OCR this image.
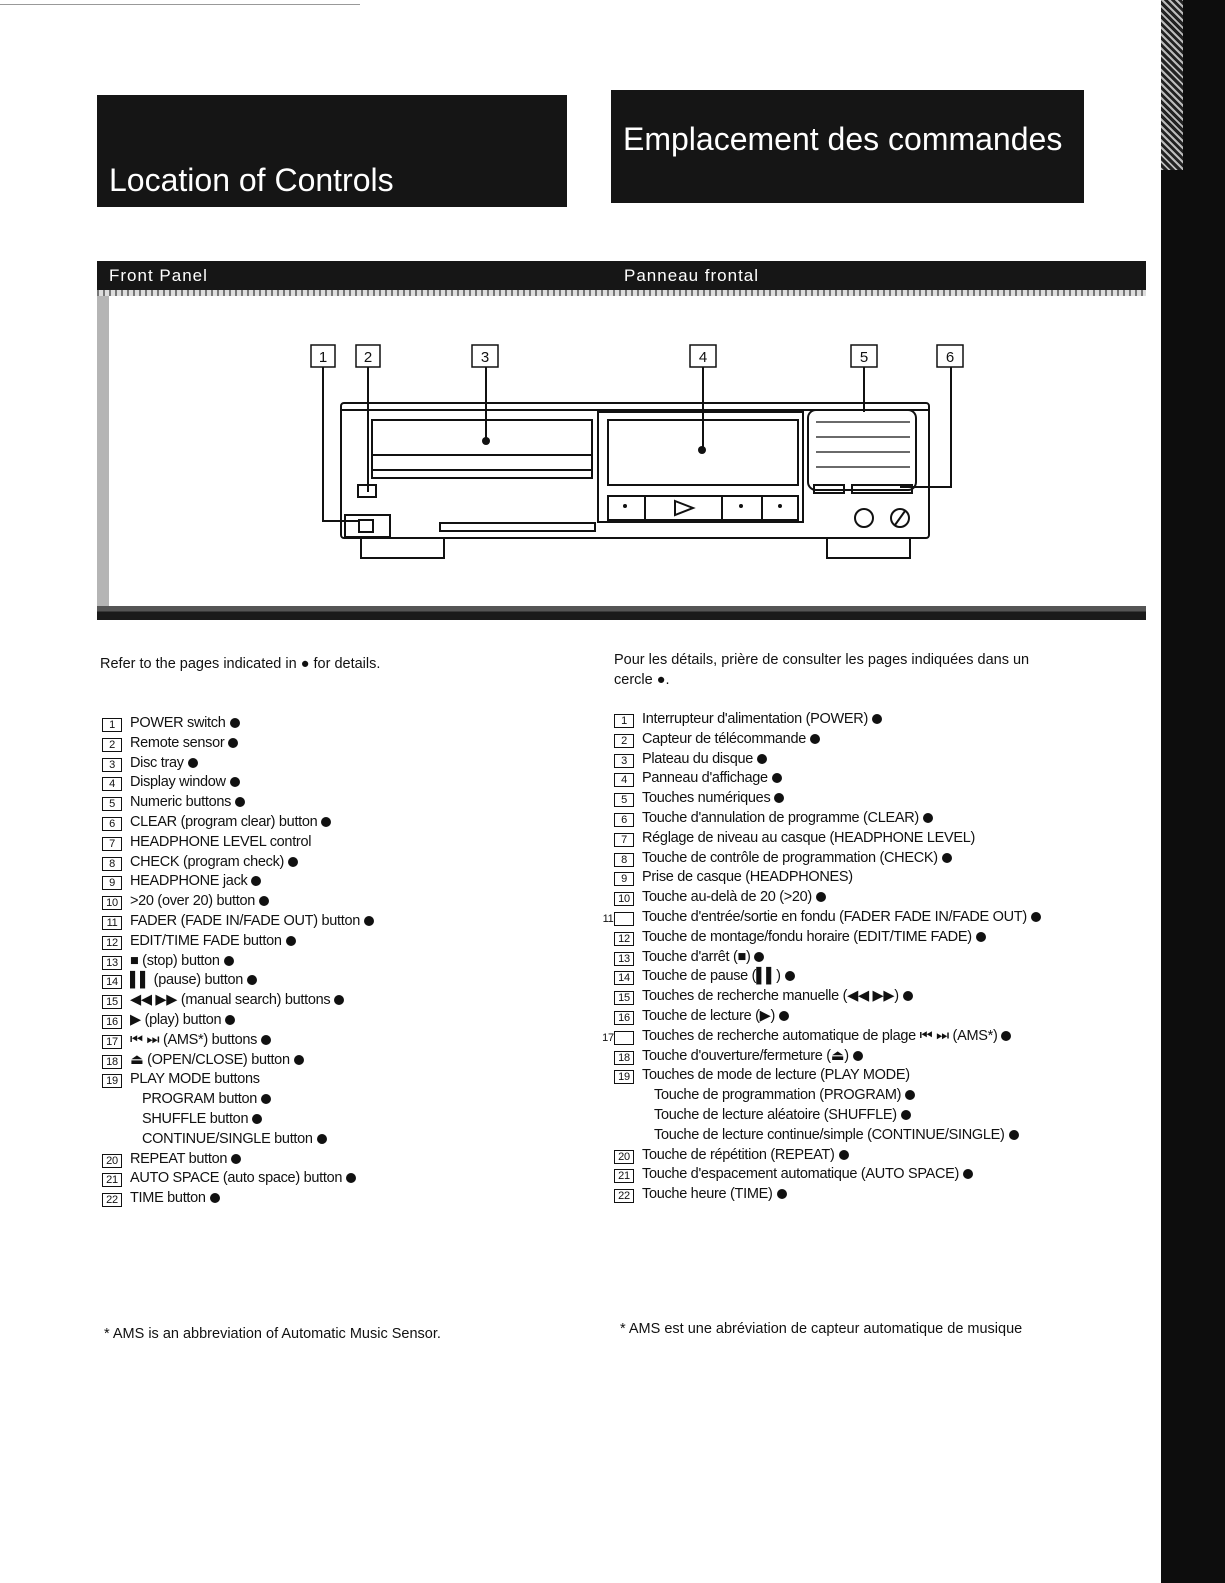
Location of Controls
Emplacement des commandes
Front Panel	Panneau frontal
1 2	3	4	5	6
Refer to the pages indicated in ● for details.	Pour les détails, prière de consulter les pages indiquées dans un cercle ●.
1 POWER switch
2 Remote sensor
3 Disc tray
4 Display window
5 Numeric buttons
6 CLEAR (program clear) button
7 HEADPHONE LEVEL control
8 CHECK (program check)
9 HEADPHONE jack
10 >20 (over 20) button
11 FADER (FADE IN/FADE OUT) button
12 EDIT/TIME FADE button
13 ■ (stop) button
14 ▌▌ (pause) button
15 ◀◀ ▶▶ (manual search) buttons
16 ▶ (play) button
17 ⏮ ⏭ (AMS*) buttons
18 ⏏ (OPEN/CLOSE) button
19 PLAY MODE buttons
PROGRAM button
SHUFFLE button
CONTINUE/SINGLE button
20 REPEAT button
21 AUTO SPACE (auto space) button
22 TIME button
1 Interrupteur d'alimentation (POWER)
2 Capteur de télécommande
3 Plateau du disque
4 Panneau d'affichage
5 Touches numériques
6 Touche d'annulation de programme (CLEAR)
7 Réglage de niveau au casque (HEADPHONE LEVEL)
8 Touche de contrôle de programmation (CHECK)
9 Prise de casque (HEADPHONES)
10 Touche au-delà de 20 (>20)
11 Touche d'entrée/sortie en fondu (FADER FADE IN/FADE OUT)
12 Touche de montage/fondu horaire (EDIT/TIME FADE)
13 Touche d'arrêt (■)
14 Touche de pause (▌▌)
15 Touches de recherche manuelle (◀◀ ▶▶)
16 Touche de lecture (▶)
17 Touches de recherche automatique de plage ⏮ ⏭ (AMS*)
18 Touche d'ouverture/fermeture (⏏)
19 Touches de mode de lecture (PLAY MODE)
Touche de programmation (PROGRAM)
Touche de lecture aléatoire (SHUFFLE)
Touche de lecture continue/simple (CONTINUE/SINGLE)
20 Touche de répétition (REPEAT)
21 Touche d'espacement automatique (AUTO SPACE)
22 Touche heure (TIME)
* AMS is an abbreviation of Automatic Music Sensor.	* AMS est une abréviation de capteur automatique de musique
